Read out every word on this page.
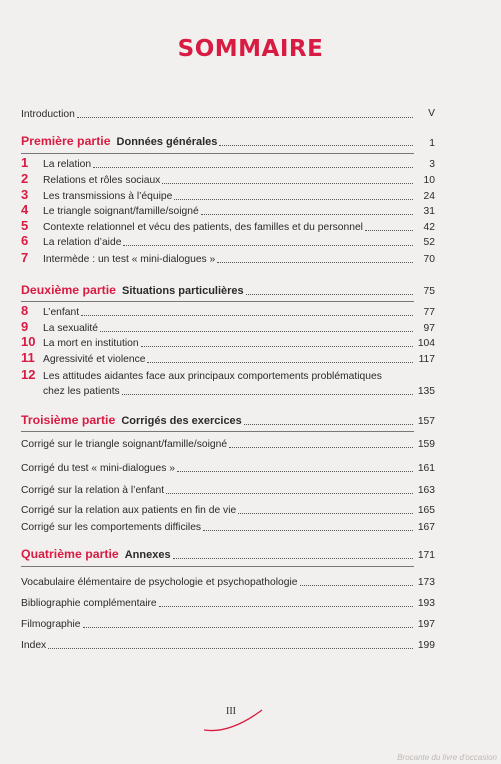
SOMMAIRE
Introduction	V
Première partie Données générales	1
1 La relation	3
2 Relations et rôles sociaux	10
3 Les transmissions à l’équipe	24
4 Le triangle soignant/famille/soigné	31
5 Contexte relationnel et vécu des patients, des familles et du personnel	42
6 La relation d’aide	52
7 Intermède : un test « mini-dialogues »	70
Deuxième partie Situations particulières	75
8 L’enfant	77
9 La sexualité	97
10 La mort en institution	104
11 Agressivité et violence	117
12 Les attitudes aidantes face aux principaux comportements problématiques
chez les patients	135
Troisième partie Corrigés des exercices	157
Corrigé sur le triangle soignant/famille/soigné	159
Corrigé du test « mini-dialogues »	161
Corrigé sur la relation à l’enfant	163
Corrigé sur la relation aux patients en fin de vie	165
Corrigé sur les comportements difficiles	167
Quatrième partie Annexes	171
Vocabulaire élémentaire de psychologie et psychopathologie	173
Bibliographie complémentaire	193
Filmographie	197
Index	199
III
Brocante du livre d'occasion
